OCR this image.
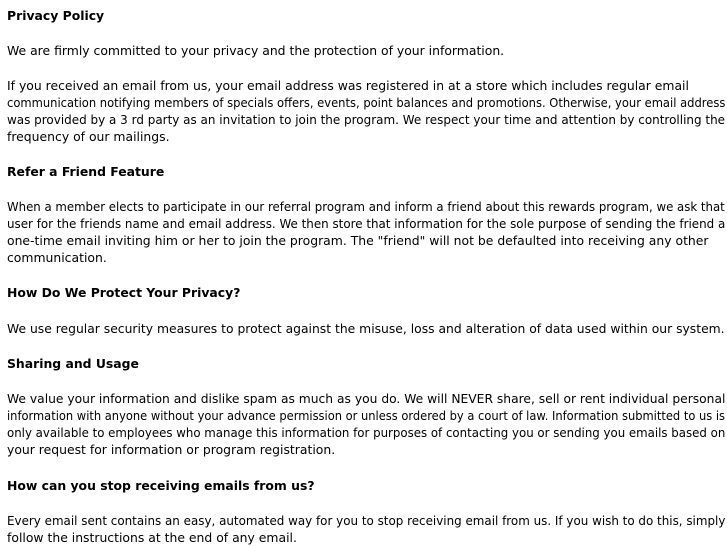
Privacy Policy
We are firmly committed to your privacy and the protection of your information.
If you received an email from us, your email address was registered in at a store which includes regular email
communication notifying members of specials offers, events, point balances and promotions. Otherwise, your email address
was provided by a 3 rd party as an invitation to join the program. We respect your time and attention by controlling the
frequency of our mailings.
Refer a Friend Feature
When a member elects to participate in our referral program and inform a friend about this rewards program, we ask that
user for the friends name and email address. We then store that information for the sole purpose of sending the friend a
one-time email inviting him or her to join the program. The "friend" will not be defaulted into receiving any other
communication.
How Do We Protect Your Privacy?
We use regular security measures to protect against the misuse, loss and alteration of data used within our system.
Sharing and Usage
We value your information and dislike spam as much as you do. We will NEVER share, sell or rent individual personal
information with anyone without your advance permission or unless ordered by a court of law. Information submitted to us is
only available to employees who manage this information for purposes of contacting you or sending you emails based on
your request for information or program registration.
How can you stop receiving emails from us?
Every email sent contains an easy, automated way for you to stop receiving email from us. If you wish to do this, simply
follow the instructions at the end of any email.
